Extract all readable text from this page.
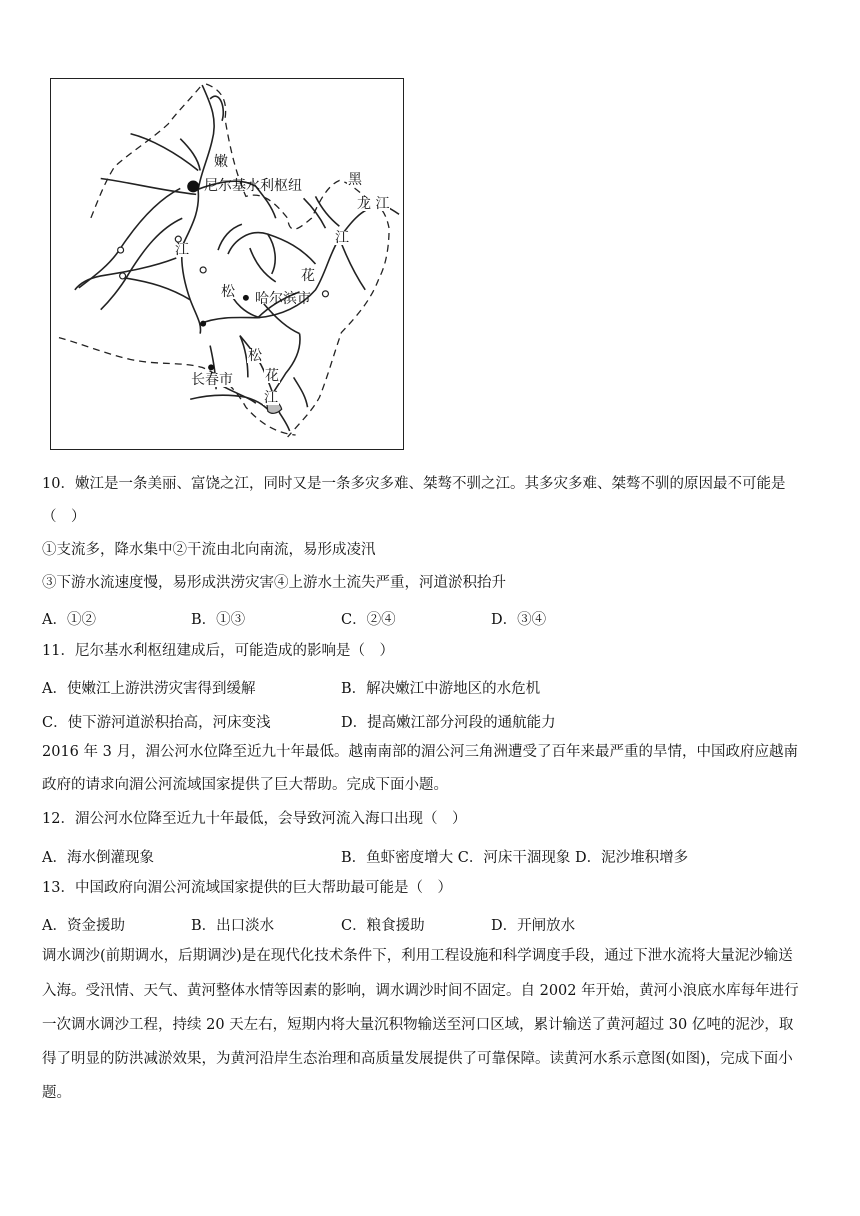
嫩
尼尔基水利枢纽	黑
龙 江
江
江
花
松 哈尔滨市
松
长春市 花
江
10．嫩江是一条美丽、富饶之江，同时又是一条多灾多难、桀骜不驯之江。其多灾多难、桀骜不驯的原因最不可能是
（　）
①支流多，降水集中②干流由北向南流，易形成凌汛
③下游水流速度慢，易形成洪涝灾害④上游水土流失严重，河道淤积抬升
A．①②	B．①③	C．②④	D．③④
11．尼尔基水利枢纽建成后，可能造成的影响是（　）
A．使嫩江上游洪涝灾害得到缓解	B．解决嫩江中游地区的水危机
C．使下游河道淤积抬高，河床变浅	D．提高嫩江部分河段的通航能力
2016 年 3 月，湄公河水位降至近九十年最低。越南南部的湄公河三角洲遭受了百年来最严重的旱情，中国政府应越南
政府的请求向湄公河流域国家提供了巨大帮助。完成下面小题。
12．湄公河水位降至近九十年最低，会导致河流入海口出现（　）
A．海水倒灌现象	B．鱼虾密度增大 C．河床干涸现象 D．泥沙堆积增多
13．中国政府向湄公河流域国家提供的巨大帮助最可能是（　）
A．资金援助	B．出口淡水	C．粮食援助	D．开闸放水
调水调沙(前期调水，后期调沙)是在现代化技术条件下，利用工程设施和科学调度手段，通过下泄水流将大量泥沙输送
入海。受汛情、天气、黄河整体水情等因素的影响，调水调沙时间不固定。自 2002 年开始，黄河小浪底水库每年进行
一次调水调沙工程，持续 20 天左右，短期内将大量沉积物输送至河口区域，累计输送了黄河超过 30 亿吨的泥沙，取
得了明显的防洪减淤效果，为黄河沿岸生态治理和高质量发展提供了可靠保障。读黄河水系示意图(如图)，完成下面小
题。
